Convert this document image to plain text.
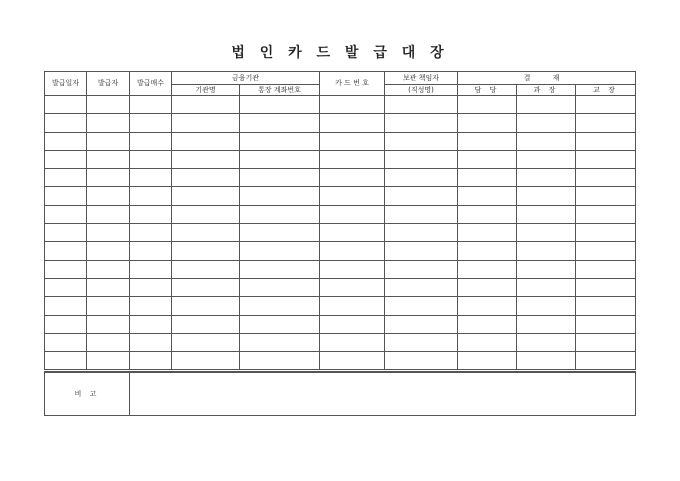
법 인 카 드 발 급 대 장
발급일자	발급자	발급매수	금융기관		카 드 번 호	보관 책임자	결 재		
			기관명	통장 계좌번호		(직성명)	담 당	과 장	교 장

비 고									
